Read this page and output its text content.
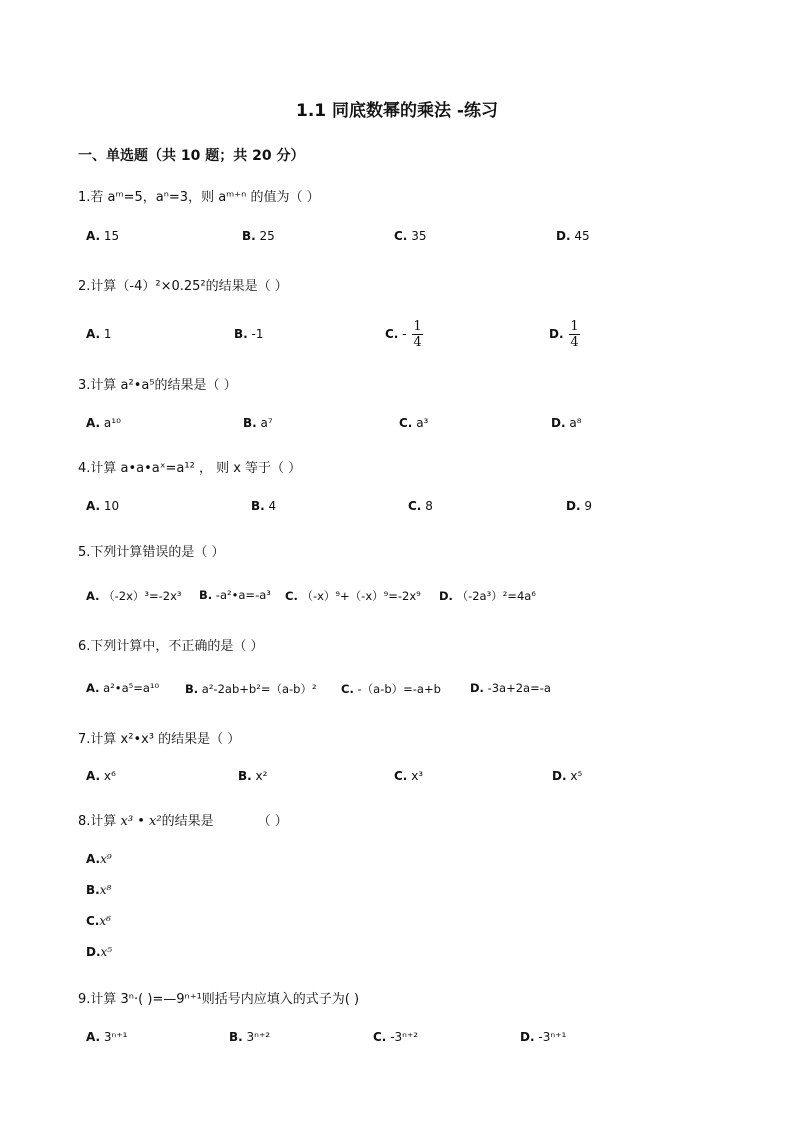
1.1 同底数幂的乘法 -练习
一、单选题（共 10 题；共 20 分）
1.若 aᵐ=5，aⁿ=3，则 aᵐ⁺ⁿ 的值为（ ）
A. 15	B. 25	C. 35	D. 45
2.计算（-4）²×0.25²的结果是（ ）
A. 1	B. -1	C. - $\frac{1}{4}$	D. $\frac{1}{4}$
3.计算 a²•a⁵的结果是（ ）
A. a¹⁰	B. a⁷	C. a³	D. a⁸
4.计算 a•a•aˣ=a¹² ， 则 x 等于（ ）
A. 10	B. 4	C. 8	D. 9
5.下列计算错误的是（ ）
A. （-2x）³=-2x³ B. -a²•a=-a³ C. （-x）⁹+（-x）⁹=-2x⁹ D. （-2a³）²=4a⁶
6.下列计算中，不正确的是（ ）
A. a²•a⁵=a¹⁰ B. a²-2ab+b²=（a-b）² C. -（a-b）=-a+b	D. -3a+2a=-a
7.计算 x²•x³ 的结果是（ ）
A. x⁶	B. x²	C. x³	D. x⁵
8.计算 x³ • x²的结果是	（ ）
A.x⁹
B.x⁸
C.x⁶
D.x⁵
9.计算 3ⁿ·( )=—9ⁿ⁺¹则括号内应填入的式子为( )
A. 3ⁿ⁺¹	B. 3ⁿ⁺²	C. -3ⁿ⁺²	D. -3ⁿ⁺¹
